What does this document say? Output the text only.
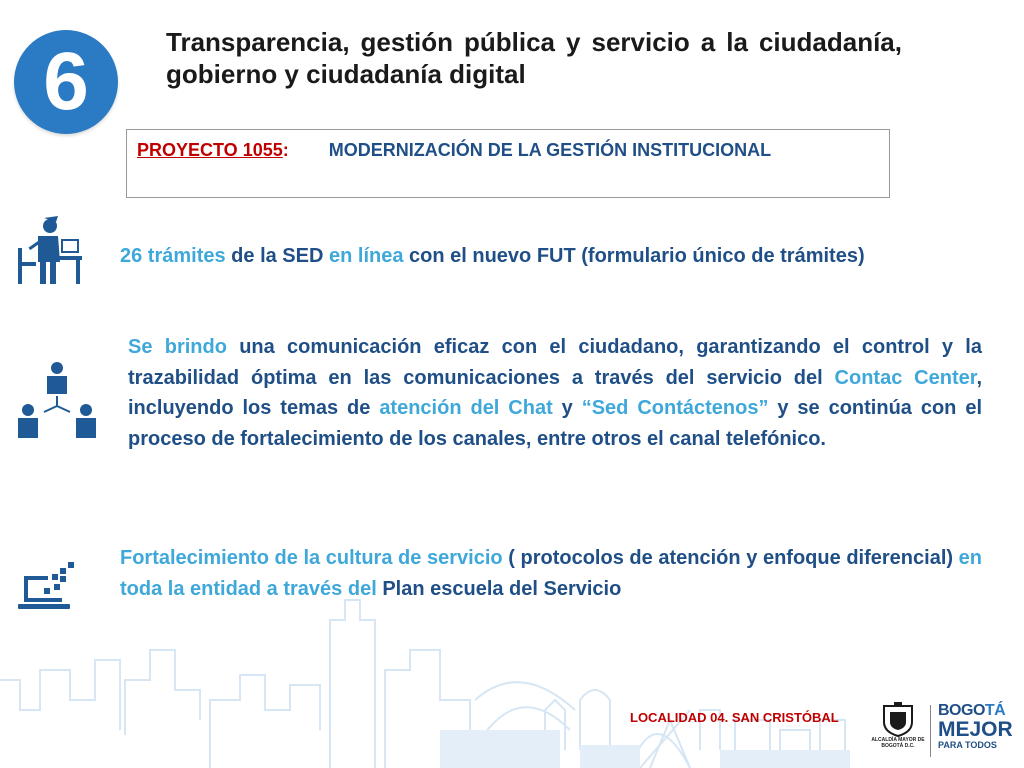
6	Transparencia, gestión pública y servicio a la ciudadanía, gobierno y ciudadanía digital

PROYECTO 1055: MODERNIZACIÓN DE LA GESTIÓN INSTITUCIONAL

26 trámites de la SED en línea con el nuevo FUT (formulario único de trámites)

Se brindo una comunicación eficaz con el ciudadano, garantizando el control y la trazabilidad óptima en las comunicaciones a través del servicio del Contac Center, incluyendo los temas de atención del Chat y “Sed Contáctenos” y se continúa con el proceso de fortalecimiento de los canales, entre otros el canal telefónico.

Fortalecimiento de la cultura de servicio ( protocolos de atención y enfoque diferencial) en toda la entidad a través del Plan escuela del Servicio

LOCALIDAD 04. SAN CRISTÓBAL

ALCALDÍA MAYOR DE BOGOTÁ D.C.
BOGOTÁ
MEJOR
PARA TODOS
